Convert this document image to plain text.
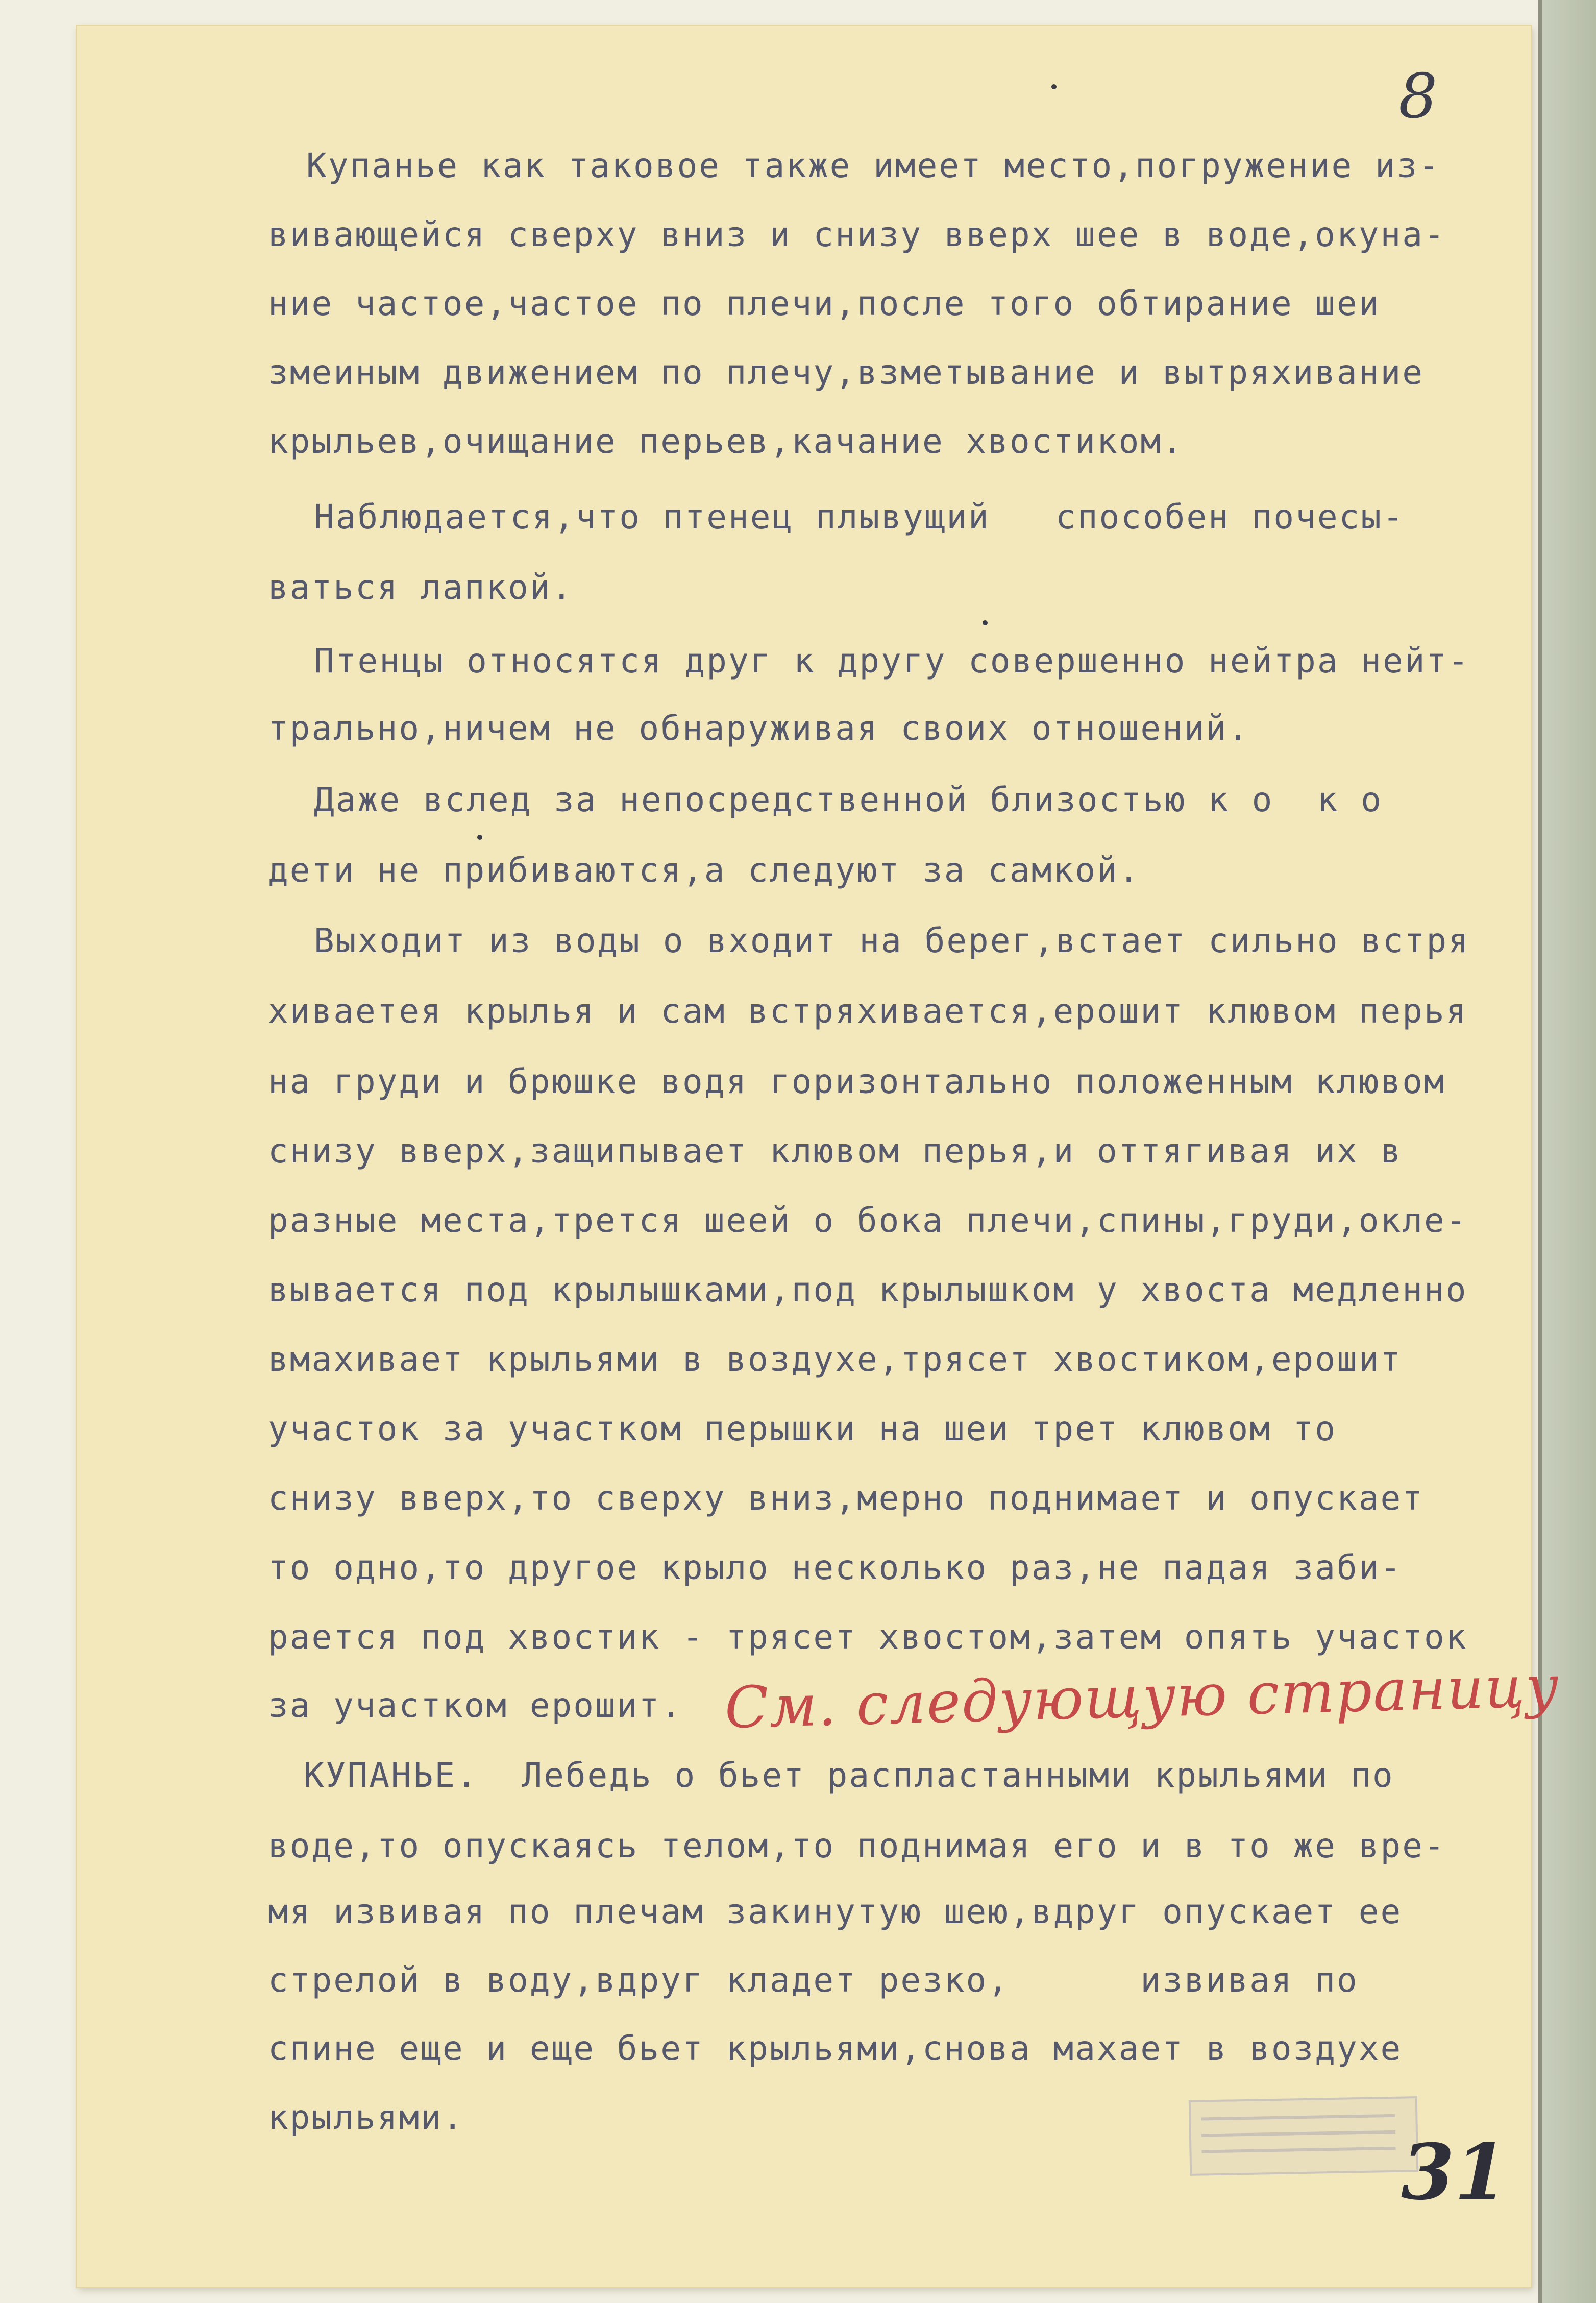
8

Купанье как таковое также имеет место,погружение из-

вивающейся сверху вниз и снизу вверх шее в воде,окуна-

ние частое,частое по плечи,после того обтирание шеи

змеиным движением по плечу,взметывание и вытряхивание

крыльев,очищание перьев,качание хвостиком.

Наблюдается,что птенец плывущий   способен почесы-

ваться лапкой.

Птенцы относятся друг к другу совершенно нейтра нейт-

трально,ничем не обнаруживая своих отношений.

Даже вслед за непосредственной близостью к о  к о

дети не прибиваются,а следуют за самкой.

Выходит из воды о входит на берег,встает сильно встря

хиваетея крылья и сам встряхивается,ерошит клювом перья

на груди и брюшке водя горизонтально положенным клювом

снизу вверх,защипывает клювом перья,и оттягивая их в

разные места,трется шеей о бока плечи,спины,груди,окле-

вывается под крылышками,под крылышком у хвоста медленно

вмахивает крыльями в воздухе,трясет хвостиком,ерошит

участок за участком перышки на шеи трет клювом то

снизу вверх,то сверху вниз,мерно поднимает и опускает

то одно,то другое крыло несколько раз,не падая заби-

рается под хвостик - трясет хвостом,затем опять участок

за участком ерошит.

КУПАНЬЕ.  Лебедь о бьет распластанными крыльями по

воде,то опускаясь телом,то поднимая его и в то же вре-

мя извивая по плечам закинутую шею,вдруг опускает ее

стрелой в воду,вдруг кладет резко,      извивая по

спине еще и еще бьет крыльями,снова махает в воздухе

крыльями.

См. следующую страницу

31
